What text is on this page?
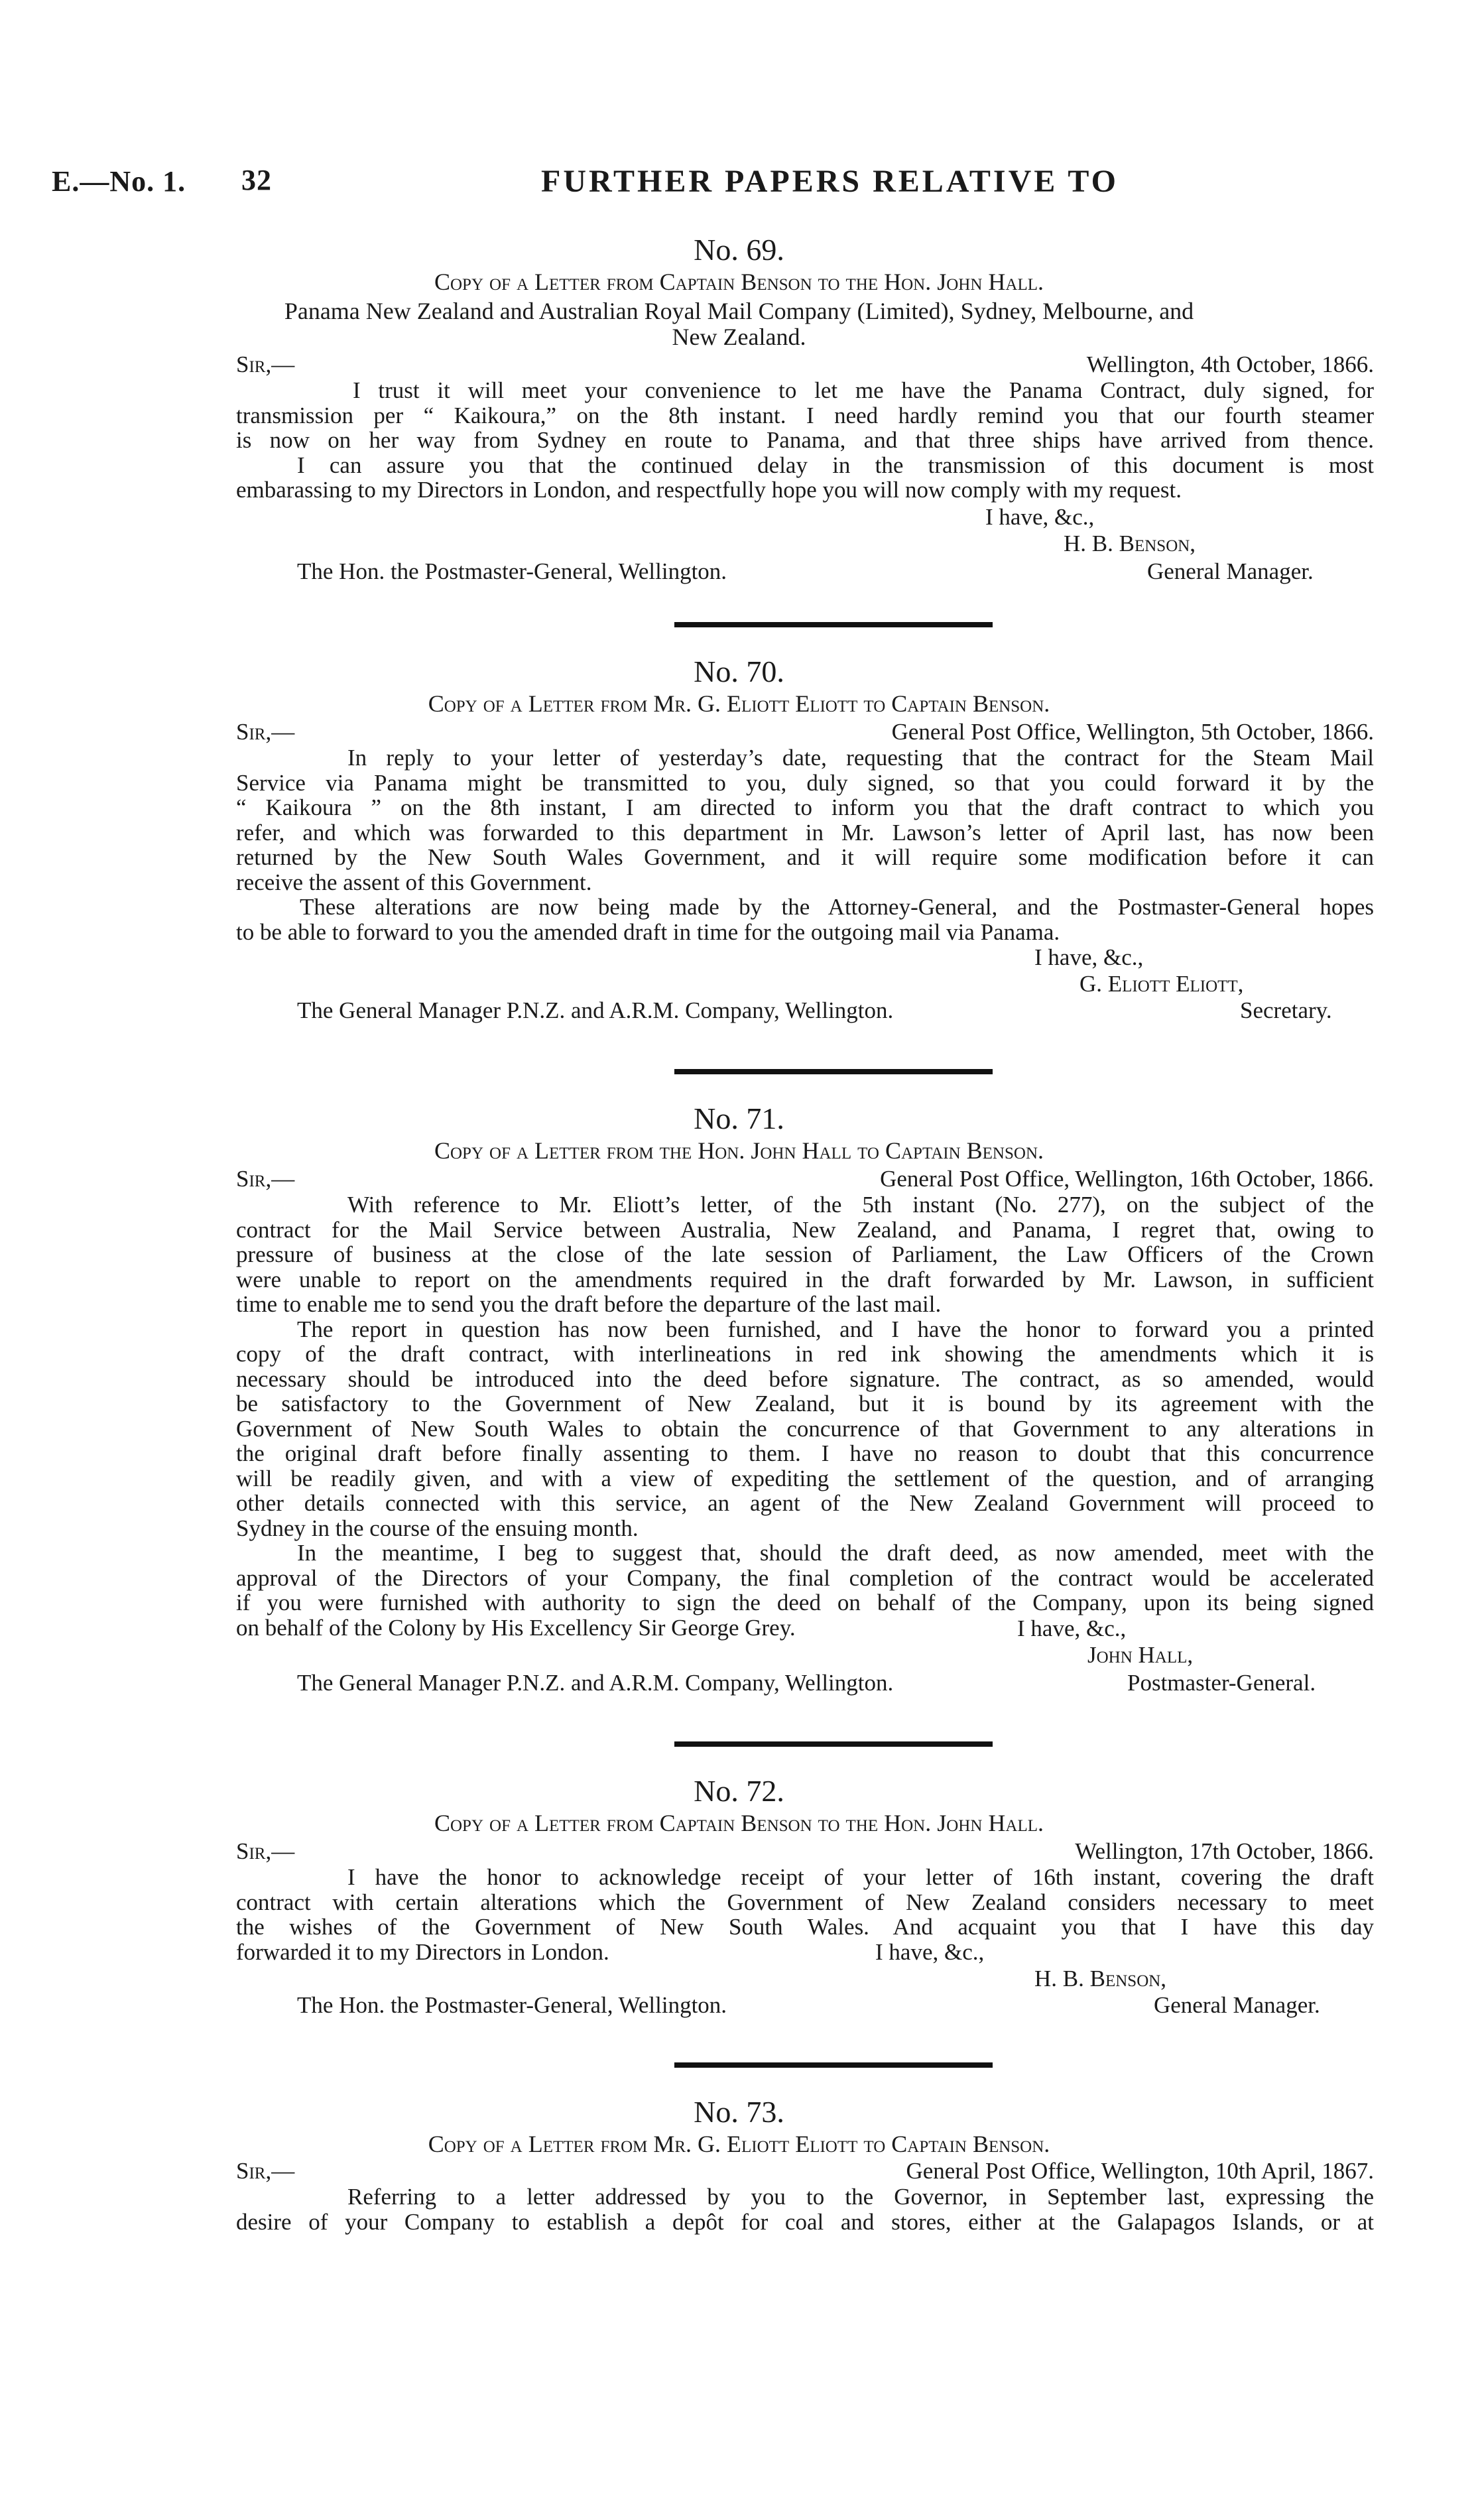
E.—No. 1. 32	FURTHER PAPERS RELATIVE TO
No. 69.
Copy of a Letter from Captain Benson to the Hon. John Hall.
Panama New Zealand and Australian Royal Mail Company (Limited), Sydney, Melbourne, and
New Zealand.
Sir,—	Wellington, 4th October, 1866.
I trust it will meet your convenience to let me have the Panama Contract, duly signed, for
transmission per “ Kaikoura,” on the 8th instant. I need hardly remind you that our fourth steamer
is now on her way from Sydney en route to Panama, and that three ships have arrived from thence.
I can assure you that the continued delay in the transmission of this document is most
embarassing to my Directors in London, and respectfully hope you will now comply with my request.
I have, &c.,
H. B. Benson,
The Hon. the Postmaster-General, Wellington.	General Manager.
No. 70.
Copy of a Letter from Mr. G. Eliott Eliott to Captain Benson.
Sir,—	General Post Office, Wellington, 5th October, 1866.
In reply to your letter of yesterday’s date, requesting that the contract for the Steam Mail
Service via Panama might be transmitted to you, duly signed, so that you could forward it by the
“ Kaikoura ” on the 8th instant, I am directed to inform you that the draft contract to which you
refer, and which was forwarded to this department in Mr. Lawson’s letter of April last, has now been
returned by the New South Wales Government, and it will require some modification before it can
receive the assent of this Government.
These alterations are now being made by the Attorney-General, and the Postmaster-General hopes
to be able to forward to you the amended draft in time for the outgoing mail via Panama.
I have, &c.,
G. Eliott Eliott,
The General Manager P.N.Z. and A.R.M. Company, Wellington.	Secretary.
No. 71.
Copy of a Letter from the Hon. John Hall to Captain Benson.
Sir,—	General Post Office, Wellington, 16th October, 1866.
With reference to Mr. Eliott’s letter, of the 5th instant (No. 277), on the subject of the
contract for the Mail Service between Australia, New Zealand, and Panama, I regret that, owing to
pressure of business at the close of the late session of Parliament, the Law Officers of the Crown
were unable to report on the amendments required in the draft forwarded by Mr. Lawson, in sufficient
time to enable me to send you the draft before the departure of the last mail.
The report in question has now been furnished, and I have the honor to forward you a printed
copy of the draft contract, with interlineations in red ink showing the amendments which it is
necessary should be introduced into the deed before signature. The contract, as so amended, would
be satisfactory to the Government of New Zealand, but it is bound by its agreement with the
Government of New South Wales to obtain the concurrence of that Government to any alterations in
the original draft before finally assenting to them. I have no reason to doubt that this concurrence
will be readily given, and with a view of expediting the settlement of the question, and of arranging
other details connected with this service, an agent of the New Zealand Government will proceed to
Sydney in the course of the ensuing month.
In the meantime, I beg to suggest that, should the draft deed, as now amended, meet with the
approval of the Directors of your Company, the final completion of the contract would be accelerated
if you were furnished with authority to sign the deed on behalf of the Company, upon its being signed
on behalf of the Colony by His Excellency Sir George Grey.	I have, &c.,
John Hall,
The General Manager P.N.Z. and A.R.M. Company, Wellington.	Postmaster-General.
No. 72.
Copy of a Letter from Captain Benson to the Hon. John Hall.
Sir,—	Wellington, 17th October, 1866.
I have the honor to acknowledge receipt of your letter of 16th instant, covering the draft
contract with certain alterations which the Government of New Zealand considers necessary to meet
the wishes of the Government of New South Wales. And acquaint you that I have this day
forwarded it to my Directors in London.	I have, &c.,
H. B. Benson,
The Hon. the Postmaster-General, Wellington.	General Manager.
No. 73.
Copy of a Letter from Mr. G. Eliott Eliott to Captain Benson.
Sir,—	General Post Office, Wellington, 10th April, 1867.
Referring to a letter addressed by you to the Governor, in September last, expressing the
desire of your Company to establish a depôt for coal and stores, either at the Galapagos Islands, or at
